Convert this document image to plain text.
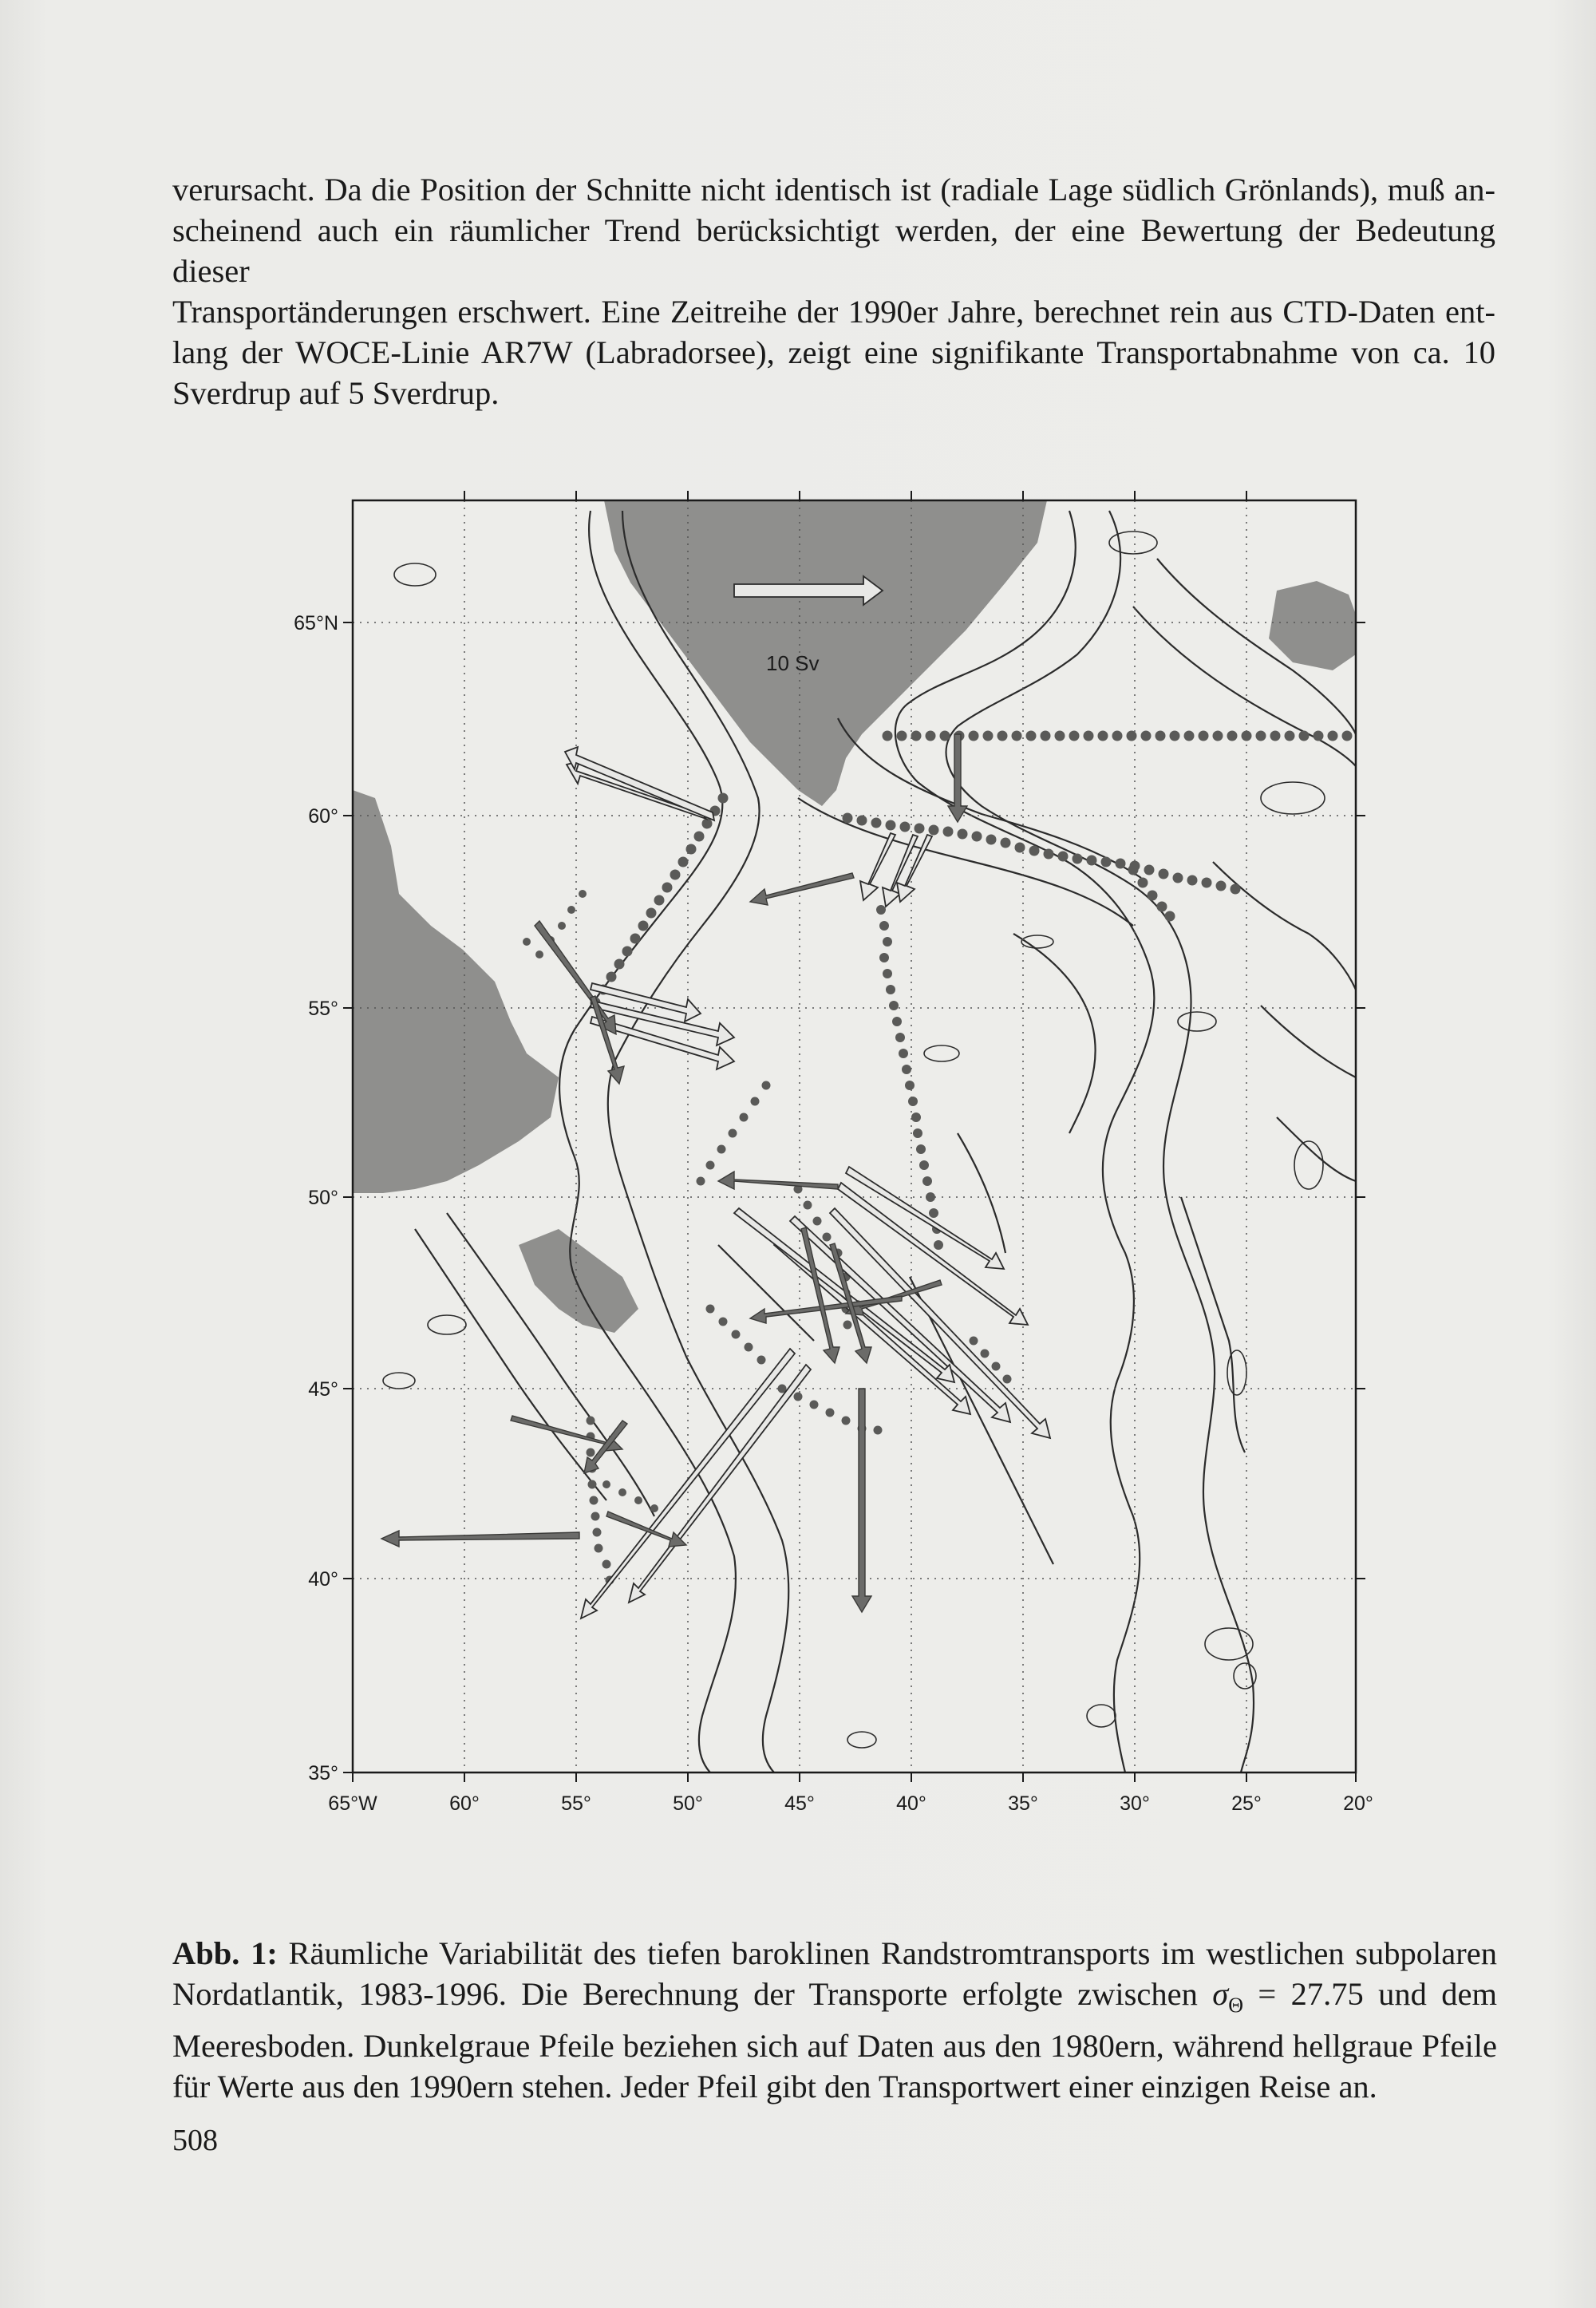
verursacht. Da die Position der Schnitte nicht identisch ist (radiale Lage südlich Grönlands), muß an-
scheinend auch ein räumlicher Trend berücksichtigt werden, der eine Bewertung der Bedeutung dieser
Transportänderungen erschwert. Eine Zeitreihe der 1990er Jahre, berechnet rein aus CTD-Daten ent-
lang der WOCE-Linie AR7W (Labradorsee), zeigt eine signifikante Transportabnahme von ca. 10
Sverdrup auf 5 Sverdrup.
10 Sv
65°N
60°
55°
50°
45°
40°
35°
65°W	60°	55°	50°	45°	40°	35°	30°	25°	20°
Abb. 1: Räumliche Variabilität des tiefen baroklinen Randstromtransports im westlichen subpolaren
Nordatlantik, 1983-1996. Die Berechnung der Transporte erfolgte zwischen $\sigma_\Theta = 27.75$ und dem
Meeresboden. Dunkelgraue Pfeile beziehen sich auf Daten aus den 1980ern, während hellgraue Pfeile
für Werte aus den 1990ern stehen. Jeder Pfeil gibt den Transportwert einer einzigen Reise an.
508
